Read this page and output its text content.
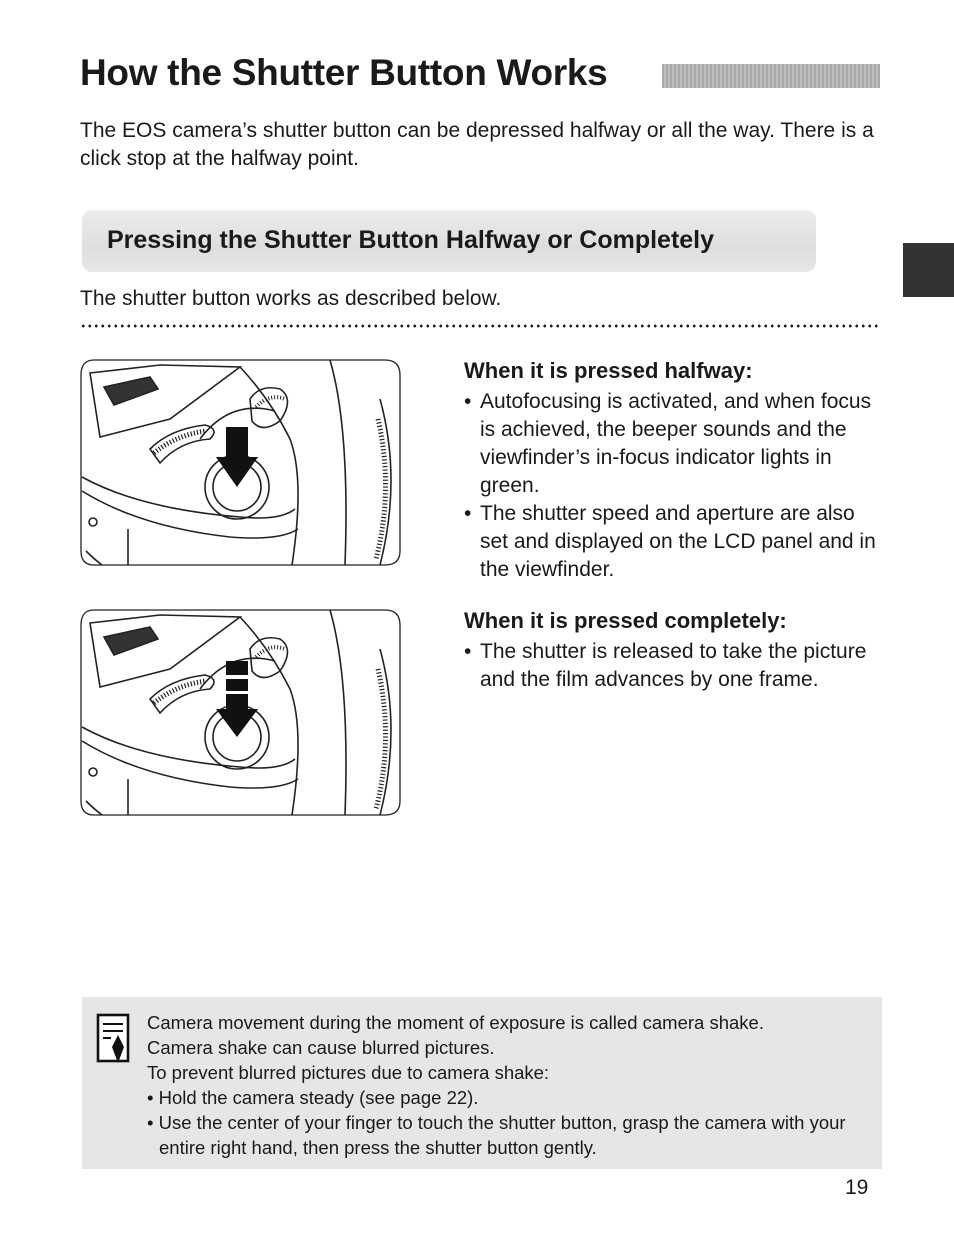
How the Shutter Button Works

The EOS camera’s shutter button can be depressed halfway or all the way. There is a click stop at the halfway point.

Pressing the Shutter Button Halfway or Completely

The shutter button works as described below.

When it is pressed halfway:
• Autofocusing is activated, and when focus is achieved, the beeper sounds and the viewfinder’s in-focus indicator lights in green.
• The shutter speed and aperture are also set and displayed on the LCD panel and in the viewfinder.
When it is pressed completely:
• The shutter is released to take the picture and the film advances by one frame.

Camera movement during the moment of exposure is called camera shake.

Camera shake can cause blurred pictures.

To prevent blurred pictures due to camera shake:

• Hold the camera steady (see page 22).

• Use the center of your finger to touch the shutter button, grasp the camera with your entire right hand, then press the shutter button gently.

19
